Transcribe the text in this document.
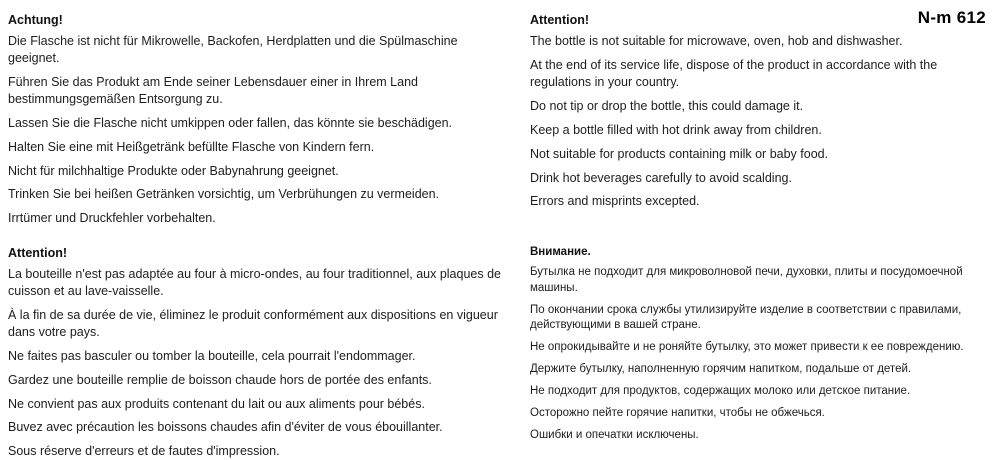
N-m 612
Achtung!

Die Flasche ist nicht für Mikrowelle, Backofen, Herdplatten und die Spülmaschine geeignet.

Führen Sie das Produkt am Ende seiner Lebensdauer einer in Ihrem Land bestimmungsgemäßen Entsorgung zu.

Lassen Sie die Flasche nicht umkippen oder fallen, das könnte sie beschädigen.

Halten Sie eine mit Heißgetränk befüllte Flasche von Kindern fern.

Nicht für milchhaltige Produkte oder Babynahrung geeignet.

Trinken Sie bei heißen Getränken vorsichtig, um Verbrühungen zu vermeiden.

Irrtümer und Druckfehler vorbehalten.

Attention!

The bottle is not suitable for microwave, oven, hob and dishwasher.

At the end of its service life, dispose of the product in accordance with the regulations in your country.

Do not tip or drop the bottle, this could damage it.

Keep a bottle filled with hot drink away from children.

Not suitable for products containing milk or baby food.

Drink hot beverages carefully to avoid scalding.

Errors and misprints excepted.

Attention!

La bouteille n'est pas adaptée au four à micro-ondes, au four traditionnel, aux plaques de cuisson et au lave-vaisselle.

À la fin de sa durée de vie, éliminez le produit conformément aux dispositions en vigueur dans votre pays.

Ne faites pas basculer ou tomber la bouteille, cela pourrait l'endommager.

Gardez une bouteille remplie de boisson chaude hors de portée des enfants.

Ne convient pas aux produits contenant du lait ou aux aliments pour bébés.

Buvez avec précaution les boissons chaudes afin d'éviter de vous ébouillanter.

Sous réserve d'erreurs et de fautes d'impression.

Внимание.

Бутылка не подходит для микроволновой печи, духовки, плиты и посудомоечной машины.

По окончании срока службы утилизируйте изделие в соответствии с правилами, действующими в вашей стране.

Не опрокидывайте и не роняйте бутылку, это может привести к ее повреждению.

Держите бутылку, наполненную горячим напитком, подальше от детей.

Не подходит для продуктов, содержащих молоко или детское питание.

Осторожно пейте горячие напитки, чтобы не обжечься.

Ошибки и опечатки исключены.
